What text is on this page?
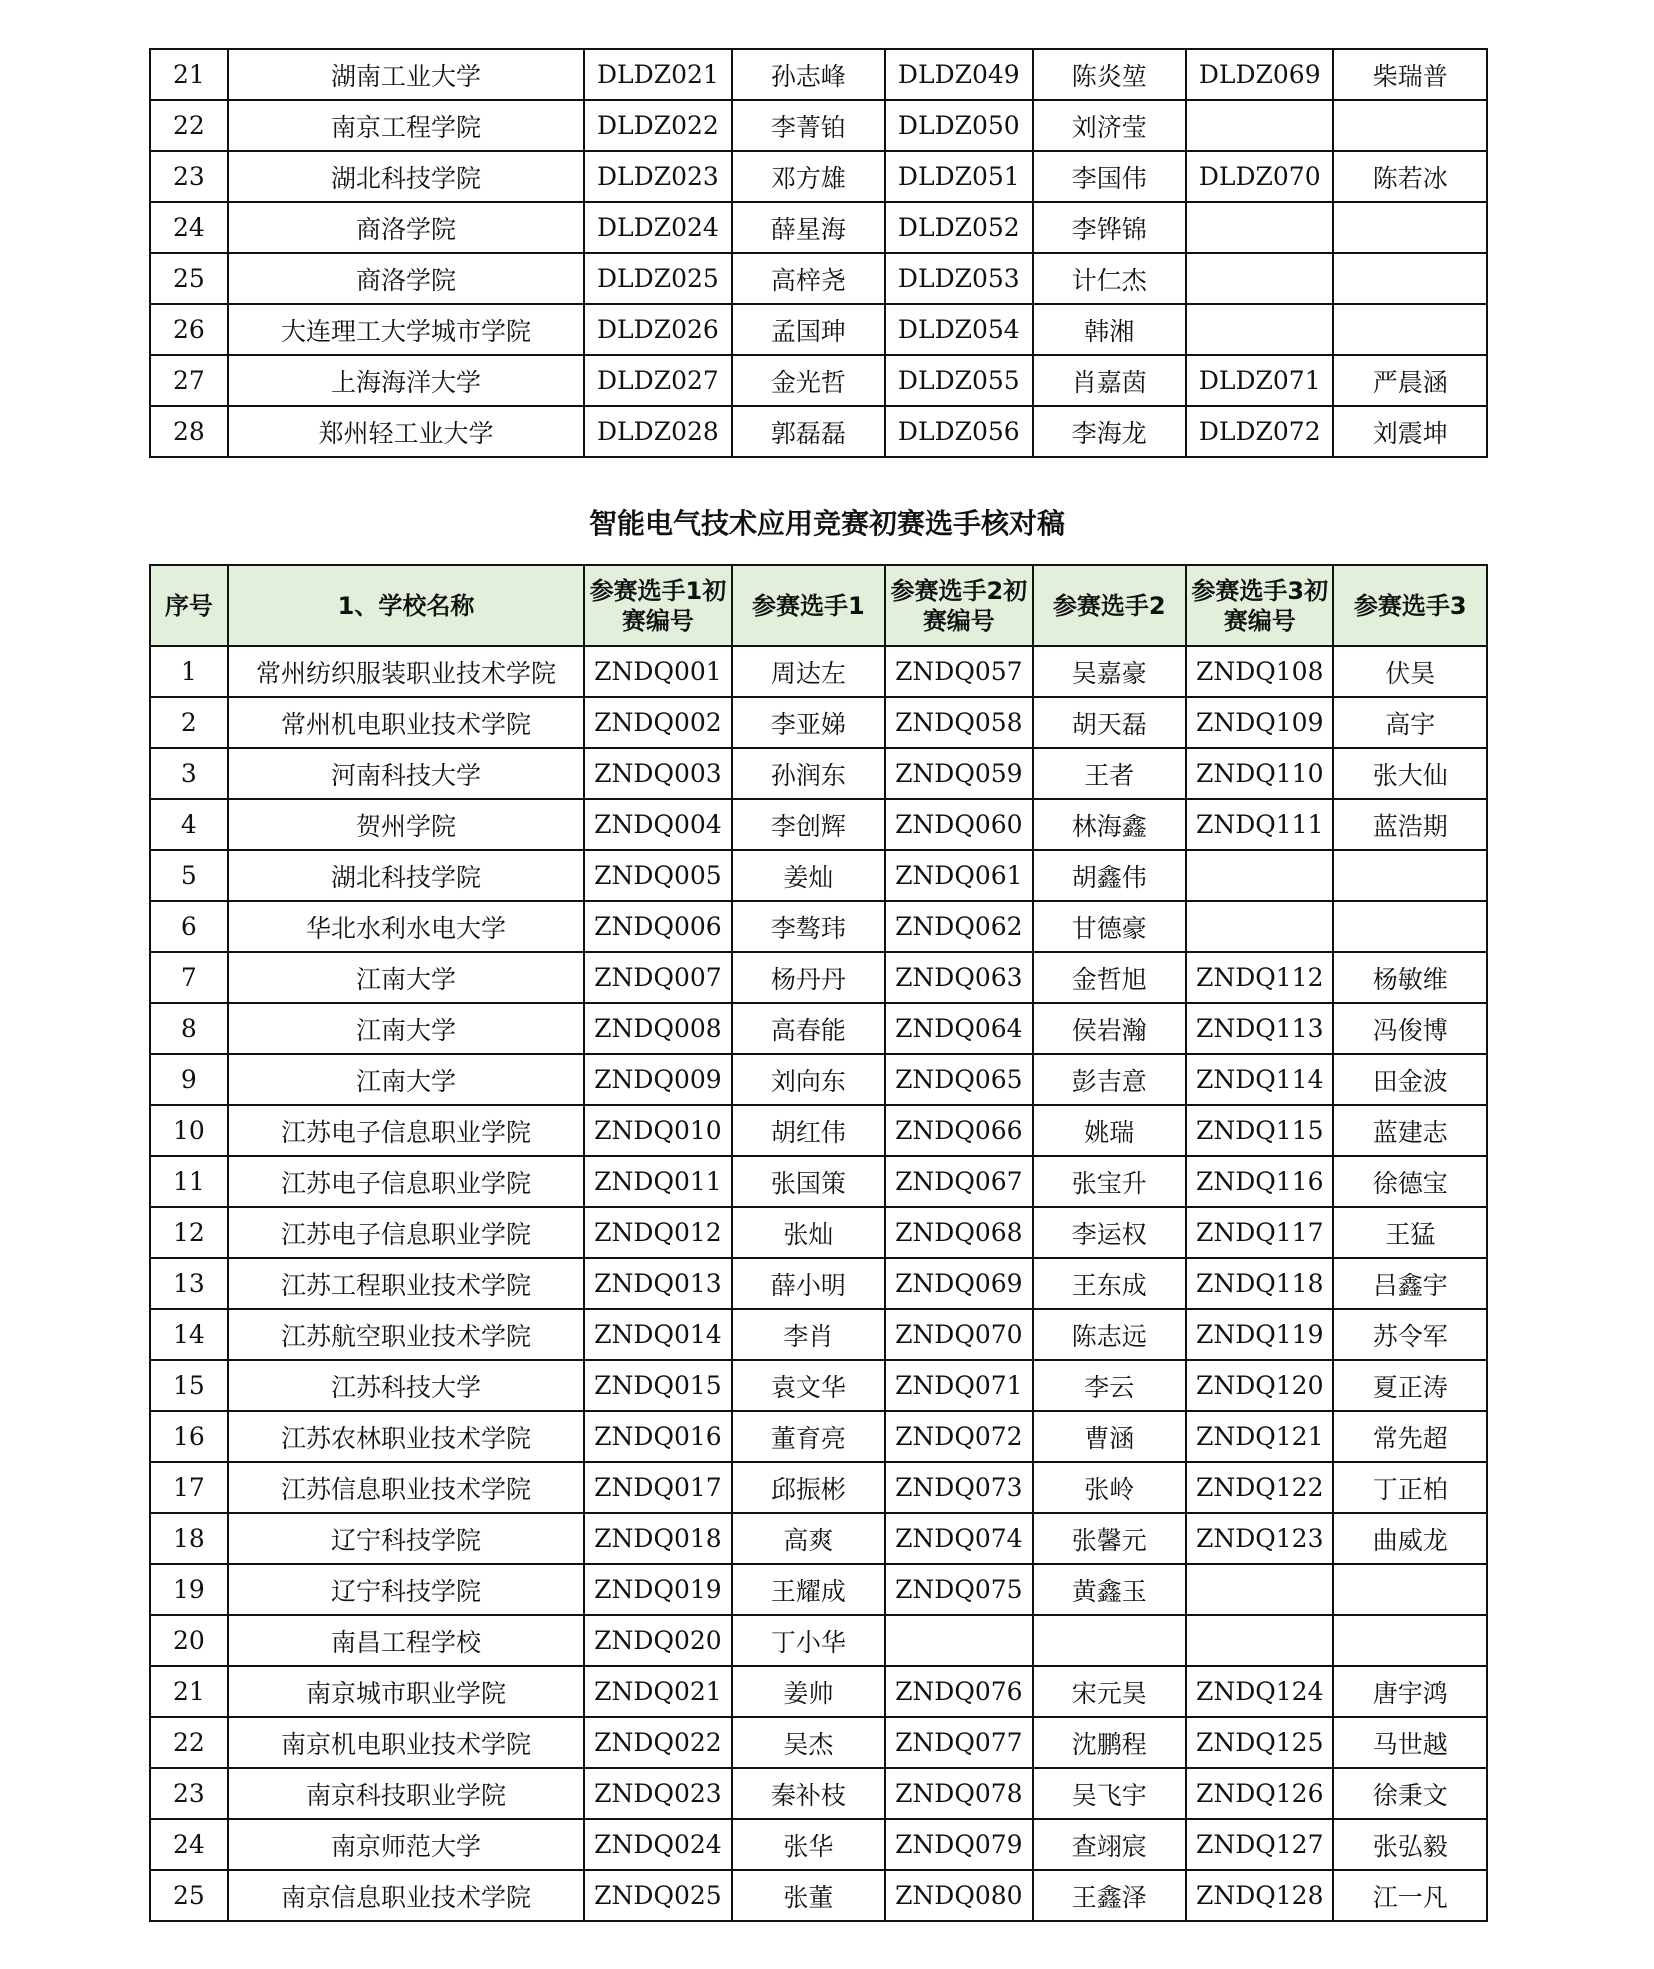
21	湖南工业大学	DLDZ021	孙志峰	DLDZ049	陈炎堃	DLDZ069	柴瑞普
22	南京工程学院	DLDZ022	李菁铂	DLDZ050	刘济莹		
23	湖北科技学院	DLDZ023	邓方雄	DLDZ051	李国伟	DLDZ070	陈若冰
24	商洛学院	DLDZ024	薛星海	DLDZ052	李铧锦		
25	商洛学院	DLDZ025	高梓尧	DLDZ053	计仁杰		
26	大连理工大学城市学院	DLDZ026	孟国珅	DLDZ054	韩湘		
27	上海海洋大学	DLDZ027	金光哲	DLDZ055	肖嘉茵	DLDZ071	严晨涵
28	郑州轻工业大学	DLDZ028	郭磊磊	DLDZ056	李海龙	DLDZ072	刘震坤
智能电气技术应用竞赛初赛选手核对稿
序号	1、学校名称	参赛选手1初赛编号	参赛选手1	参赛选手2初赛编号	参赛选手2	参赛选手3初赛编号	参赛选手3
1	常州纺织服装职业技术学院	ZNDQ001	周达左	ZNDQ057	吴嘉豪	ZNDQ108	伏昊
2	常州机电职业技术学院	ZNDQ002	李亚娣	ZNDQ058	胡天磊	ZNDQ109	高宇
3	河南科技大学	ZNDQ003	孙润东	ZNDQ059	王者	ZNDQ110	张大仙
4	贺州学院	ZNDQ004	李创辉	ZNDQ060	林海鑫	ZNDQ111	蓝浩期
5	湖北科技学院	ZNDQ005	姜灿	ZNDQ061	胡鑫伟		
6	华北水利水电大学	ZNDQ006	李骜玮	ZNDQ062	甘德豪		
7	江南大学	ZNDQ007	杨丹丹	ZNDQ063	金哲旭	ZNDQ112	杨敏维
8	江南大学	ZNDQ008	高春能	ZNDQ064	侯岩瀚	ZNDQ113	冯俊博
9	江南大学	ZNDQ009	刘向东	ZNDQ065	彭吉意	ZNDQ114	田金波
10	江苏电子信息职业学院	ZNDQ010	胡红伟	ZNDQ066	姚瑞	ZNDQ115	蓝建志
11	江苏电子信息职业学院	ZNDQ011	张国策	ZNDQ067	张宝升	ZNDQ116	徐德宝
12	江苏电子信息职业学院	ZNDQ012	张灿	ZNDQ068	李运权	ZNDQ117	王猛
13	江苏工程职业技术学院	ZNDQ013	薛小明	ZNDQ069	王东成	ZNDQ118	吕鑫宇
14	江苏航空职业技术学院	ZNDQ014	李肖	ZNDQ070	陈志远	ZNDQ119	苏令军
15	江苏科技大学	ZNDQ015	袁文华	ZNDQ071	李云	ZNDQ120	夏正涛
16	江苏农林职业技术学院	ZNDQ016	董育亮	ZNDQ072	曹涵	ZNDQ121	常先超
17	江苏信息职业技术学院	ZNDQ017	邱振彬	ZNDQ073	张岭	ZNDQ122	丁正柏
18	辽宁科技学院	ZNDQ018	高爽	ZNDQ074	张馨元	ZNDQ123	曲威龙
19	辽宁科技学院	ZNDQ019	王耀成	ZNDQ075	黄鑫玉		
20	南昌工程学校	ZNDQ020	丁小华				
21	南京城市职业学院	ZNDQ021	姜帅	ZNDQ076	宋元昊	ZNDQ124	唐宇鸿
22	南京机电职业技术学院	ZNDQ022	吴杰	ZNDQ077	沈鹏程	ZNDQ125	马世越
23	南京科技职业学院	ZNDQ023	秦补枝	ZNDQ078	吴飞宇	ZNDQ126	徐秉文
24	南京师范大学	ZNDQ024	张华	ZNDQ079	查翊宸	ZNDQ127	张弘毅
25	南京信息职业技术学院	ZNDQ025	张董	ZNDQ080	王鑫泽	ZNDQ128	江一凡
